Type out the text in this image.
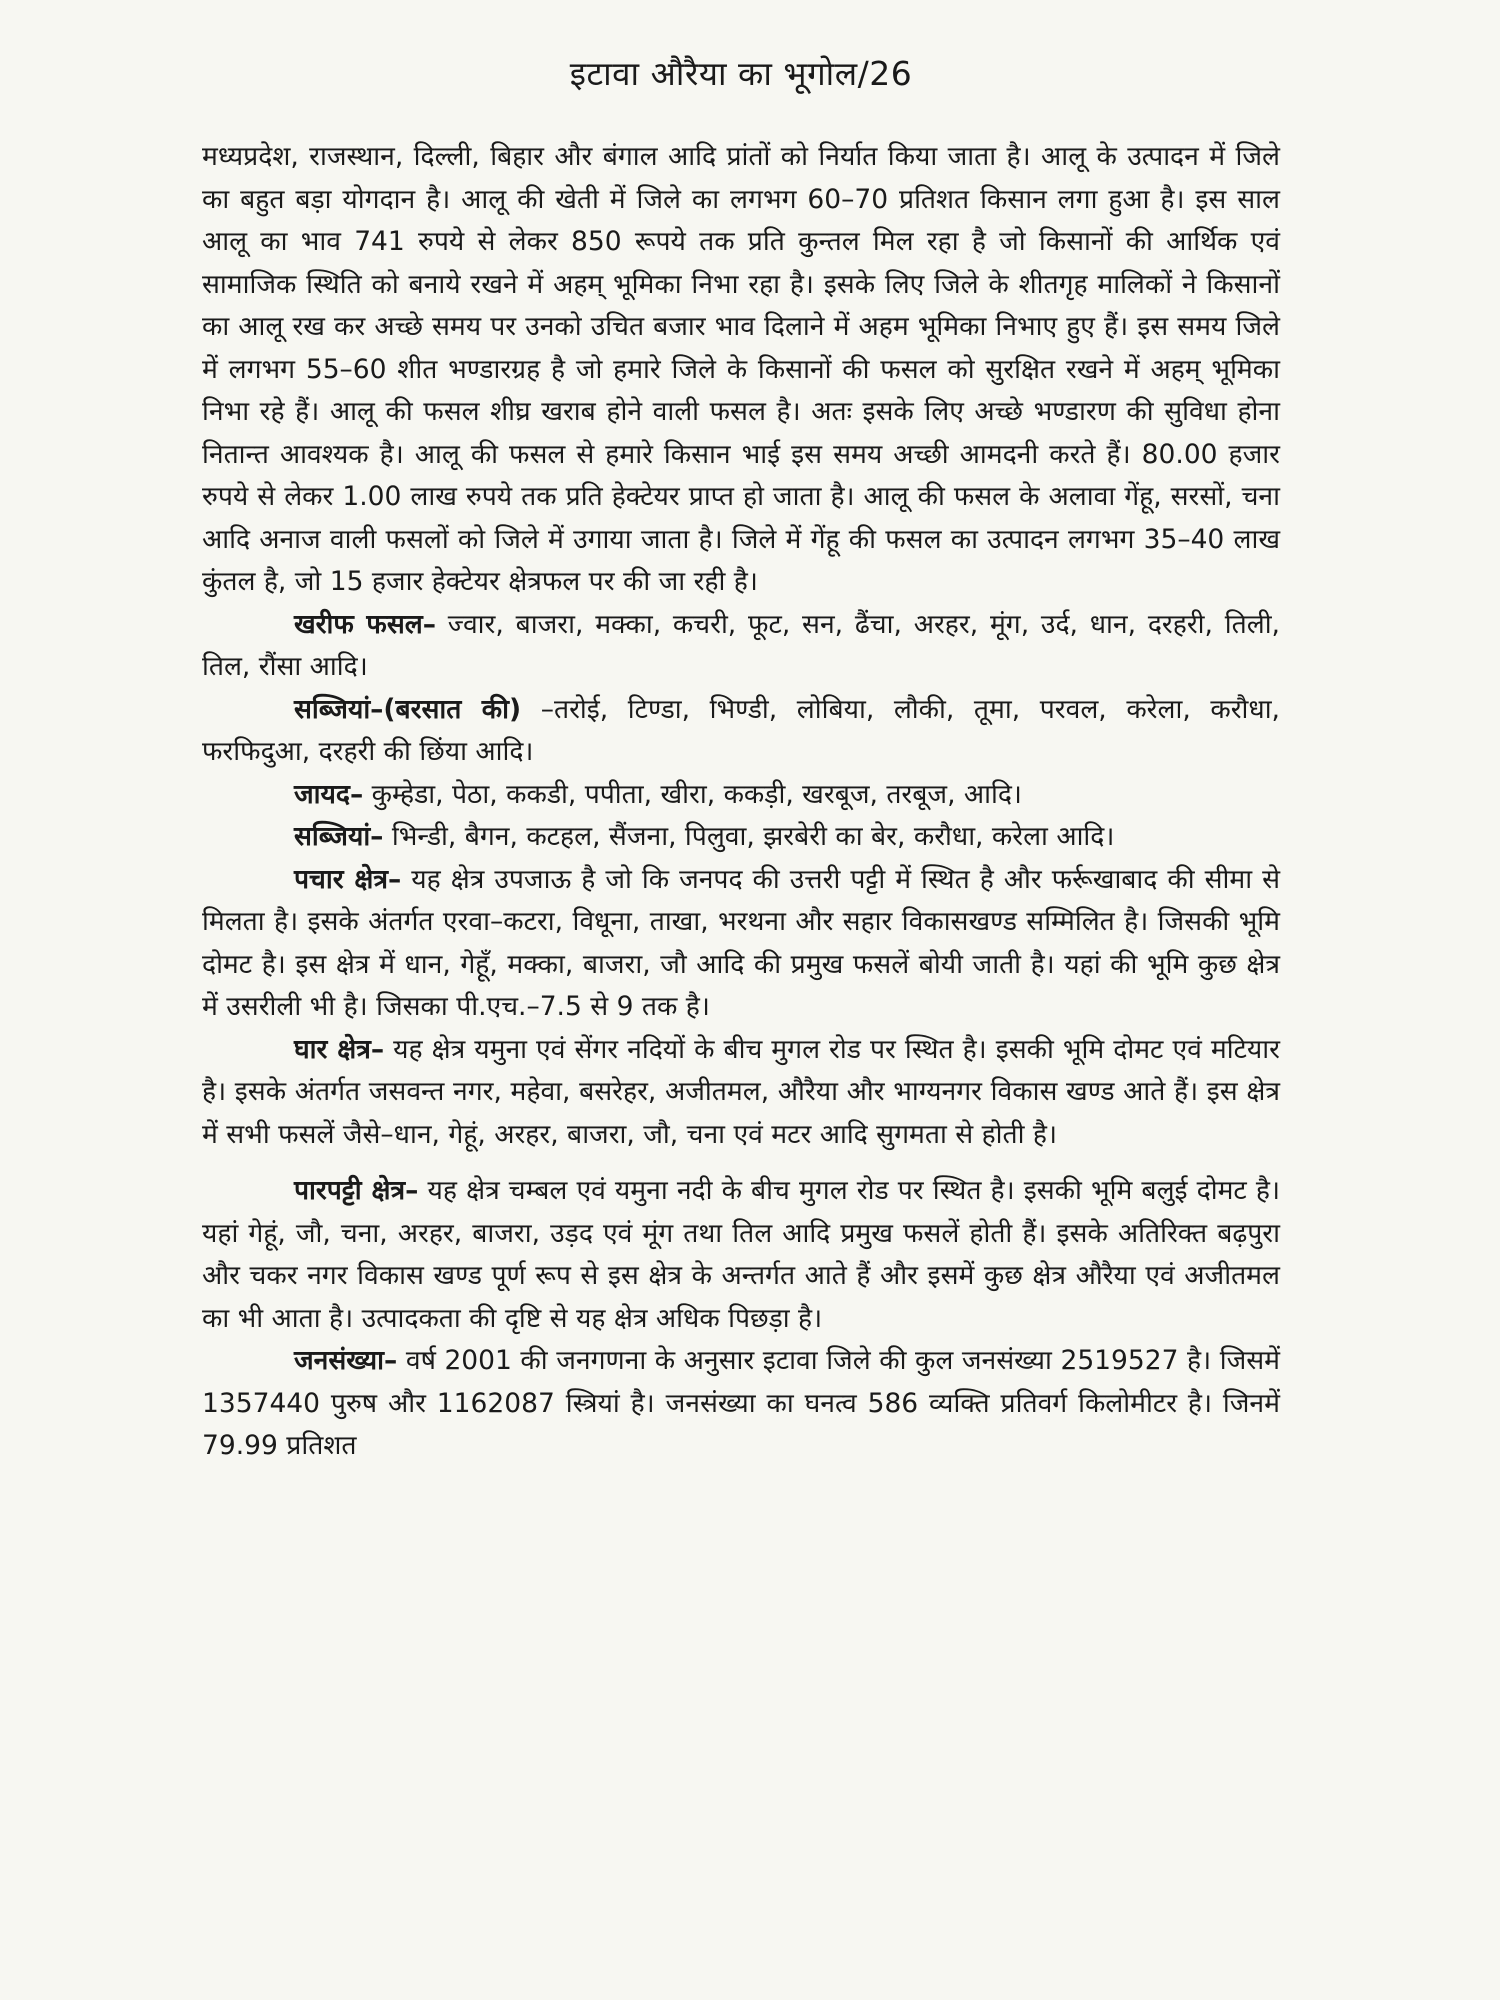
इटावा औरैया का भूगोल/26

मध्यप्रदेश, राजस्थान, दिल्ली, बिहार और बंगाल आदि प्रांतों को निर्यात किया जाता है। आलू के उत्पादन में जिले का बहुत बड़ा योगदान है। आलू की खेती में जिले का लगभग 60–70 प्रतिशत किसान लगा हुआ है। इस साल आलू का भाव 741 रुपये से लेकर 850 रूपये तक प्रति कुन्तल मिल रहा है जो किसानों की आर्थिक एवं सामाजिक स्थिति को बनाये रखने में अहम् भूमिका निभा रहा है। इसके लिए जिले के शीतगृह मालिकों ने किसानों का आलू रख कर अच्छे समय पर उनको उचित बजार भाव दिलाने में अहम भूमिका निभाए हुए हैं। इस समय जिले में लगभग 55–60 शीत भण्डारग्रह है जो हमारे जिले के किसानों की फसल को सुरक्षित रखने में अहम् भूमिका निभा रहे हैं। आलू की फसल शीघ्र खराब होने वाली फसल है। अतः इसके लिए अच्छे भण्डारण की सुविधा होना नितान्त आवश्यक है। आलू की फसल से हमारे किसान भाई इस समय अच्छी आमदनी करते हैं। 80.00 हजार रुपये से लेकर 1.00 लाख रुपये तक प्रति हेक्टेयर प्राप्त हो जाता है। आलू की फसल के अलावा गेंहू, सरसों, चना आदि अनाज वाली फसलों को जिले में उगाया जाता है। जिले में गेंहू की फसल का उत्पादन लगभग 35–40 लाख कुंतल है, जो 15 हजार हेक्टेयर क्षेत्रफल पर की जा रही है।

खरीफ फसल– ज्वार, बाजरा, मक्का, कचरी, फूट, सन, ढैंचा, अरहर, मूंग, उर्द, धान, दरहरी, तिली, तिल, रौंसा आदि।

सब्जियां–(बरसात की) –तरोई, टिण्डा, भिण्डी, लोबिया, लौकी, तूमा, परवल, करेला, करौधा, फरफिदुआ, दरहरी की छिंया आदि।

जायद– कुम्हेडा, पेठा, ककडी, पपीता, खीरा, ककड़ी, खरबूज, तरबूज, आदि।

सब्जियां– भिन्डी, बैगन, कटहल, सैंजना, पिलुवा, झरबेरी का बेर, करौधा, करेला आदि।

पचार क्षेत्र– यह क्षेत्र उपजाऊ है जो कि जनपद की उत्तरी पट्टी में स्थित है और फर्रूखाबाद की सीमा से मिलता है। इसके अंतर्गत एरवा–कटरा, विधूना, ताखा, भरथना और सहार विकासखण्ड सम्मिलित है। जिसकी भूमि दोमट है। इस क्षेत्र में धान, गेहूँ, मक्का, बाजरा, जौ आदि की प्रमुख फसलें बोयी जाती है। यहां की भूमि कुछ क्षेत्र में उसरीली भी है। जिसका पी.एच.–7.5 से 9 तक है।

घार क्षेत्र– यह क्षेत्र यमुना एवं सेंगर नदियों के बीच मुगल रोड पर स्थित है। इसकी भूमि दोमट एवं मटियार है। इसके अंतर्गत जसवन्त नगर, महेवा, बसरेहर, अजीतमल, औरैया और भाग्यनगर विकास खण्ड आते हैं। इस क्षेत्र में सभी फसलें जैसे–धान, गेहूं, अरहर, बाजरा, जौ, चना एवं मटर आदि सुगमता से होती है।

पारपट्टी क्षेत्र– यह क्षेत्र चम्बल एवं यमुना नदी के बीच मुगल रोड पर स्थित है। इसकी भूमि बलुई दोमट है। यहां गेहूं, जौ, चना, अरहर, बाजरा, उड़द एवं मूंग तथा तिल आदि प्रमुख फसलें होती हैं। इसके अतिरिक्त बढ़पुरा और चकर नगर विकास खण्ड पूर्ण रूप से इस क्षेत्र के अन्तर्गत आते हैं और इसमें कुछ क्षेत्र औरैया एवं अजीतमल का भी आता है। उत्पादकता की दृष्टि से यह क्षेत्र अधिक पिछड़ा है।

जनसंख्या– वर्ष 2001 की जनगणना के अनुसार इटावा जिले की कुल जनसंख्या 2519527 है। जिसमें 1357440 पुरुष और 1162087 स्त्रियां है। जनसंख्या का घनत्व 586 व्यक्ति प्रतिवर्ग किलोमीटर है। जिनमें 79.99 प्रतिशत
